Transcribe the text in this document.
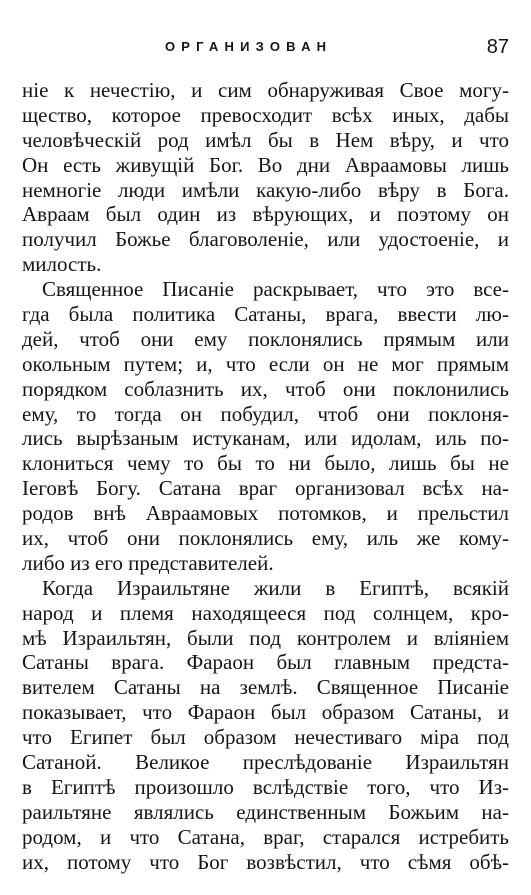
ОРГАНИЗОВАН	87

ніе к нечестію, и сим обнаруживая Свое могу-
щество, которое превосходит всѣх иных, дабы
человѣческій род имѣл бы в Нем вѣру, и что
Он есть живущій Бог. Во дни Авраамовы лишь
немногіе люди имѣли какую-либо вѣру в Бога.
Авраам был один из вѣрующих, и поэтому он
получил Божье благоволеніе, или удостоеніе, и
милость.

Священное Писаніе раскрывает, что это все-
гда была политика Сатаны, врага, ввести лю-
дей, чтоб они ему поклонялись прямым или
окольным путем; и, что если он не мог прямым
порядком соблазнить их, чтоб они поклонились
ему, то тогда он побудил, чтоб они поклоня-
лись вырѣзаным истуканам, или идолам, иль по-
клониться чему то бы то ни было, лишь бы не
Іеговѣ Богу. Сатана враг организовал всѣх на-
родов внѣ Авраамовых потомков, и прельстил
их, чтоб они поклонялись ему, иль же кому-
либо из его представителей.

Когда Израильтяне жили в Египтѣ, всякій
народ и племя находящееся под солнцем, кро-
мѣ Израильтян, были под контролем и вліяніем
Сатаны врага. Фараон был главным предста-
вителем Сатаны на землѣ. Священное Писаніе
показывает, что Фараон был образом Сатаны, и
что Египет был образом нечестиваго міра под
Сатаной. Великое преслѣдованіе Израильтян
в Египтѣ произошло вслѣдствіе того, что Из-
раильтяне являлись единственным Божьим на-
родом, и что Сатана, враг, старался истребить
их, потому что Бог возвѣстил, что сѣмя обѣ-
